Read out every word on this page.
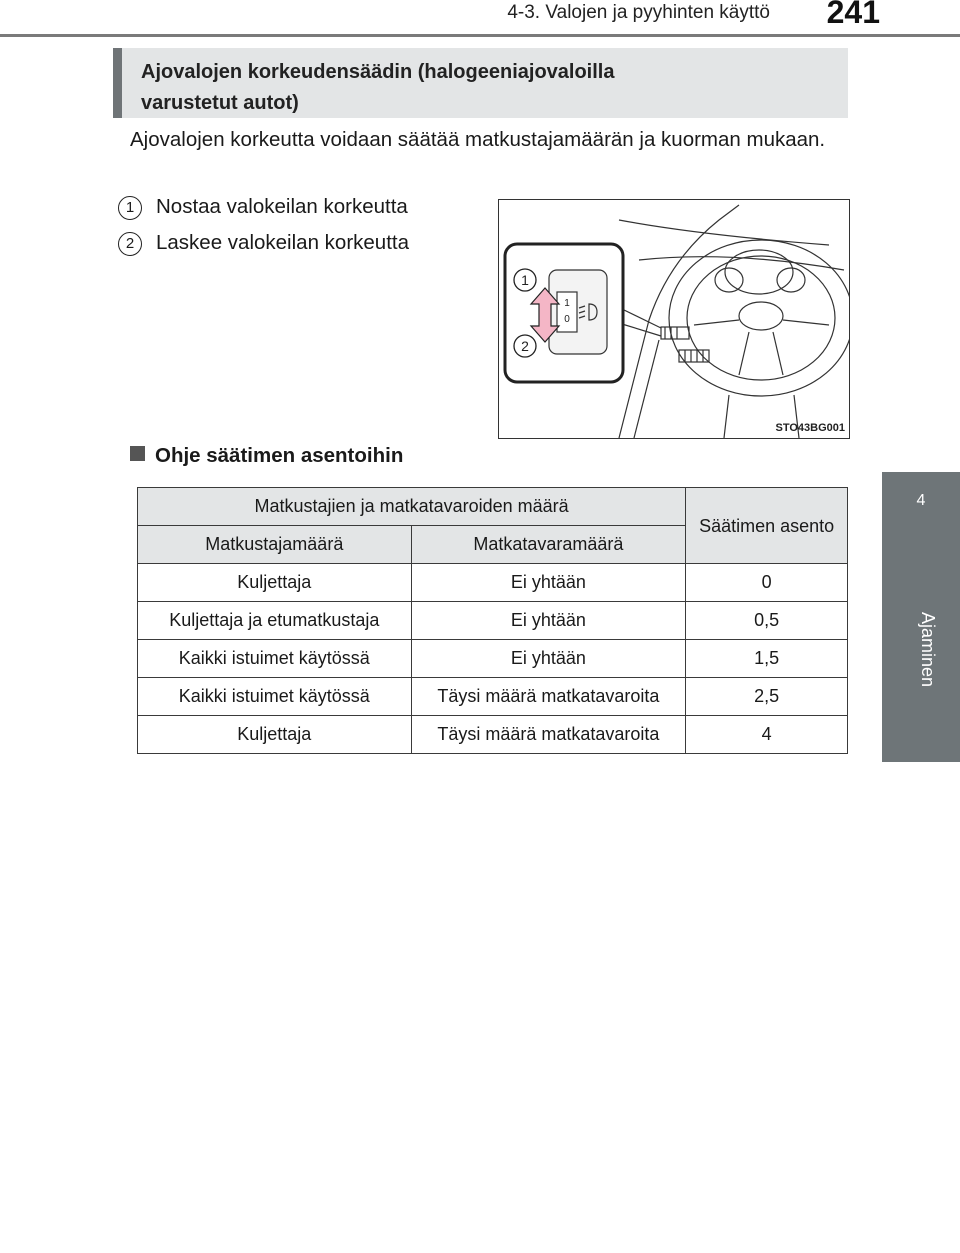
4-3. Valojen ja pyyhinten käyttö	241
4
Ajaminen
Ajovalojen korkeudensäädin (halogeeniajovaloilla
varustetut autot)
Ajovalojen korkeutta voidaan säätää matkustajamäärän ja kuorman mukaan.
1	Nostaa valokeilan korkeutta
2	Laskee valokeilan korkeutta
1
0
1
2
STO43BG001
Ohje säätimen asentoihin
Matkustajien ja matkatavaroiden määrä		Säätimen asento
Matkustajamäärä	Matkatavaramäärä	
Kuljettaja	Ei yhtään	0
Kuljettaja ja etumatkustaja	Ei yhtään	0,5
Kaikki istuimet käytössä	Ei yhtään	1,5
Kaikki istuimet käytössä	Täysi määrä matkatavaroita	2,5
Kuljettaja	Täysi määrä matkatavaroita	4
